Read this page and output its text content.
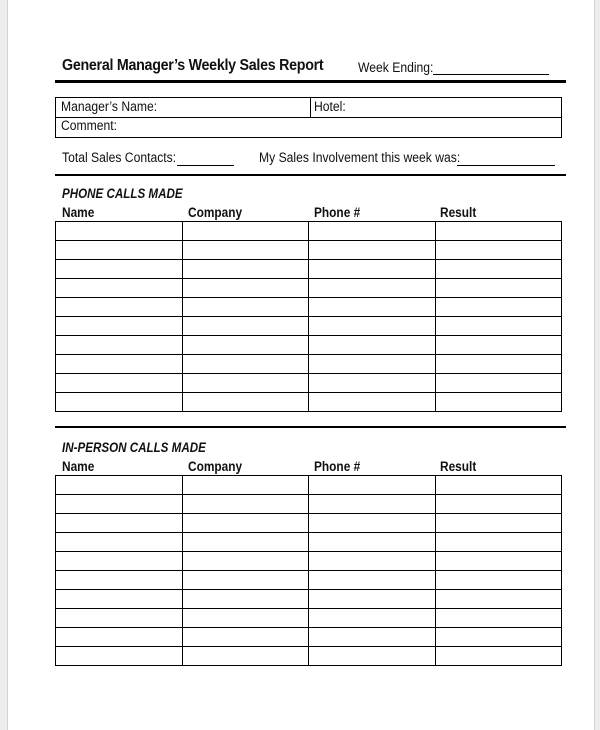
General Manager’s Weekly Sales Report	Week Ending:
Manager’s Name:	Hotel:
Comment:
Total Sales Contacts:	My Sales Involvement this week was:
PHONE CALLS MADE
Name	Company	Phone #	Result

IN-PERSON CALLS MADE
Name	Company	Phone #	Result
